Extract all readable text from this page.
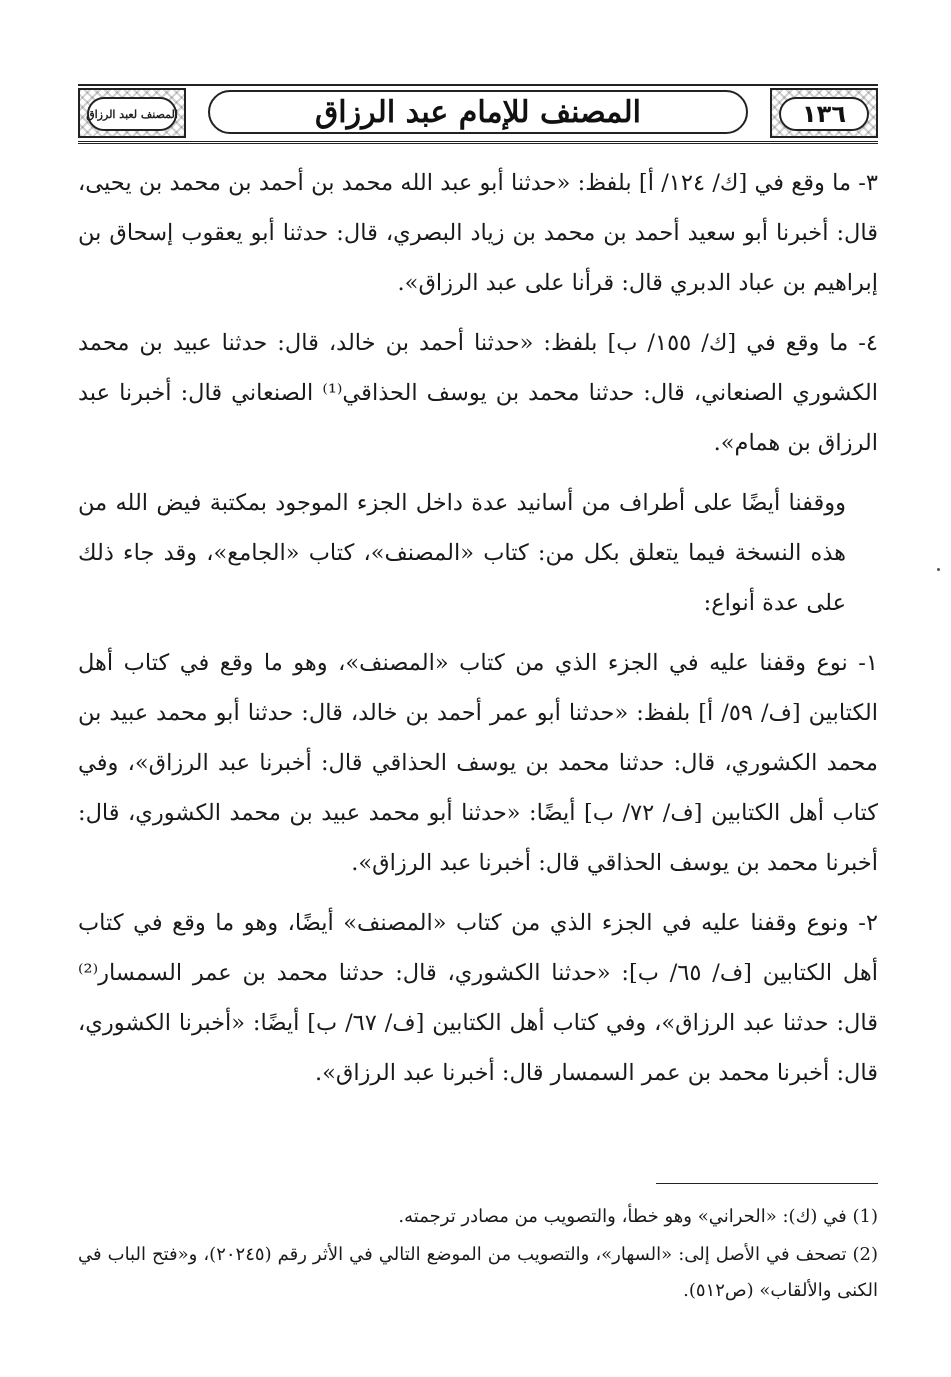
١٣٦
المصنف للإمام عبد الرزاق
المصنف لعبد الرزاق

٣- ما وقع في [ك/ ١٢٤/ أ] بلفظ: «حدثنا أبو عبد الله محمد بن أحمد بن محمد بن يحيى، قال: أخبرنا أبو سعيد أحمد بن محمد بن زياد البصري، قال: حدثنا أبو يعقوب إسحاق بن إبراهيم بن عباد الدبري قال: قرأنا على عبد الرزاق».

٤- ما وقع في [ك/ ١٥٥/ ب] بلفظ: «حدثنا أحمد بن خالد، قال: حدثنا عبيد بن محمد الكشوري الصنعاني، قال: حدثنا محمد بن يوسف الحذاقي⁽¹⁾ الصنعاني قال: أخبرنا عبد الرزاق بن همام».

ووقفنا أيضًا على أطراف من أسانيد عدة داخل الجزء الموجود بمكتبة فيض الله من هذه النسخة فيما يتعلق بكل من: كتاب «المصنف»، كتاب «الجامع»، وقد جاء ذلك على عدة أنواع:

١- نوع وقفنا عليه في الجزء الذي من كتاب «المصنف»، وهو ما وقع في كتاب أهل الكتابين [ف/ ٥٩/ أ] بلفظ: «حدثنا أبو عمر أحمد بن خالد، قال: حدثنا أبو محمد عبيد بن محمد الكشوري، قال: حدثنا محمد بن يوسف الحذاقي قال: أخبرنا عبد الرزاق»، وفي كتاب أهل الكتابين [ف/ ٧٢/ ب] أيضًا: «حدثنا أبو محمد عبيد بن محمد الكشوري، قال: أخبرنا محمد بن يوسف الحذاقي قال: أخبرنا عبد الرزاق».

٢- ونوع وقفنا عليه في الجزء الذي من كتاب «المصنف» أيضًا، وهو ما وقع في كتاب أهل الكتابين [ف/ ٦٥/ ب]: «حدثنا الكشوري، قال: حدثنا محمد بن عمر السمسار⁽²⁾ قال: حدثنا عبد الرزاق»، وفي كتاب أهل الكتابين [ف/ ٦٧/ ب] أيضًا: «أخبرنا الكشوري، قال: أخبرنا محمد بن عمر السمسار قال: أخبرنا عبد الرزاق».

(1) في (ك): «الحراني» وهو خطأ، والتصويب من مصادر ترجمته.

(2) تصحف في الأصل إلى: «السهار»، والتصويب من الموضع التالي في الأثر رقم (٢٠٢٤٥)، و«فتح الباب في الكنى والألقاب» (ص٥١٢).
